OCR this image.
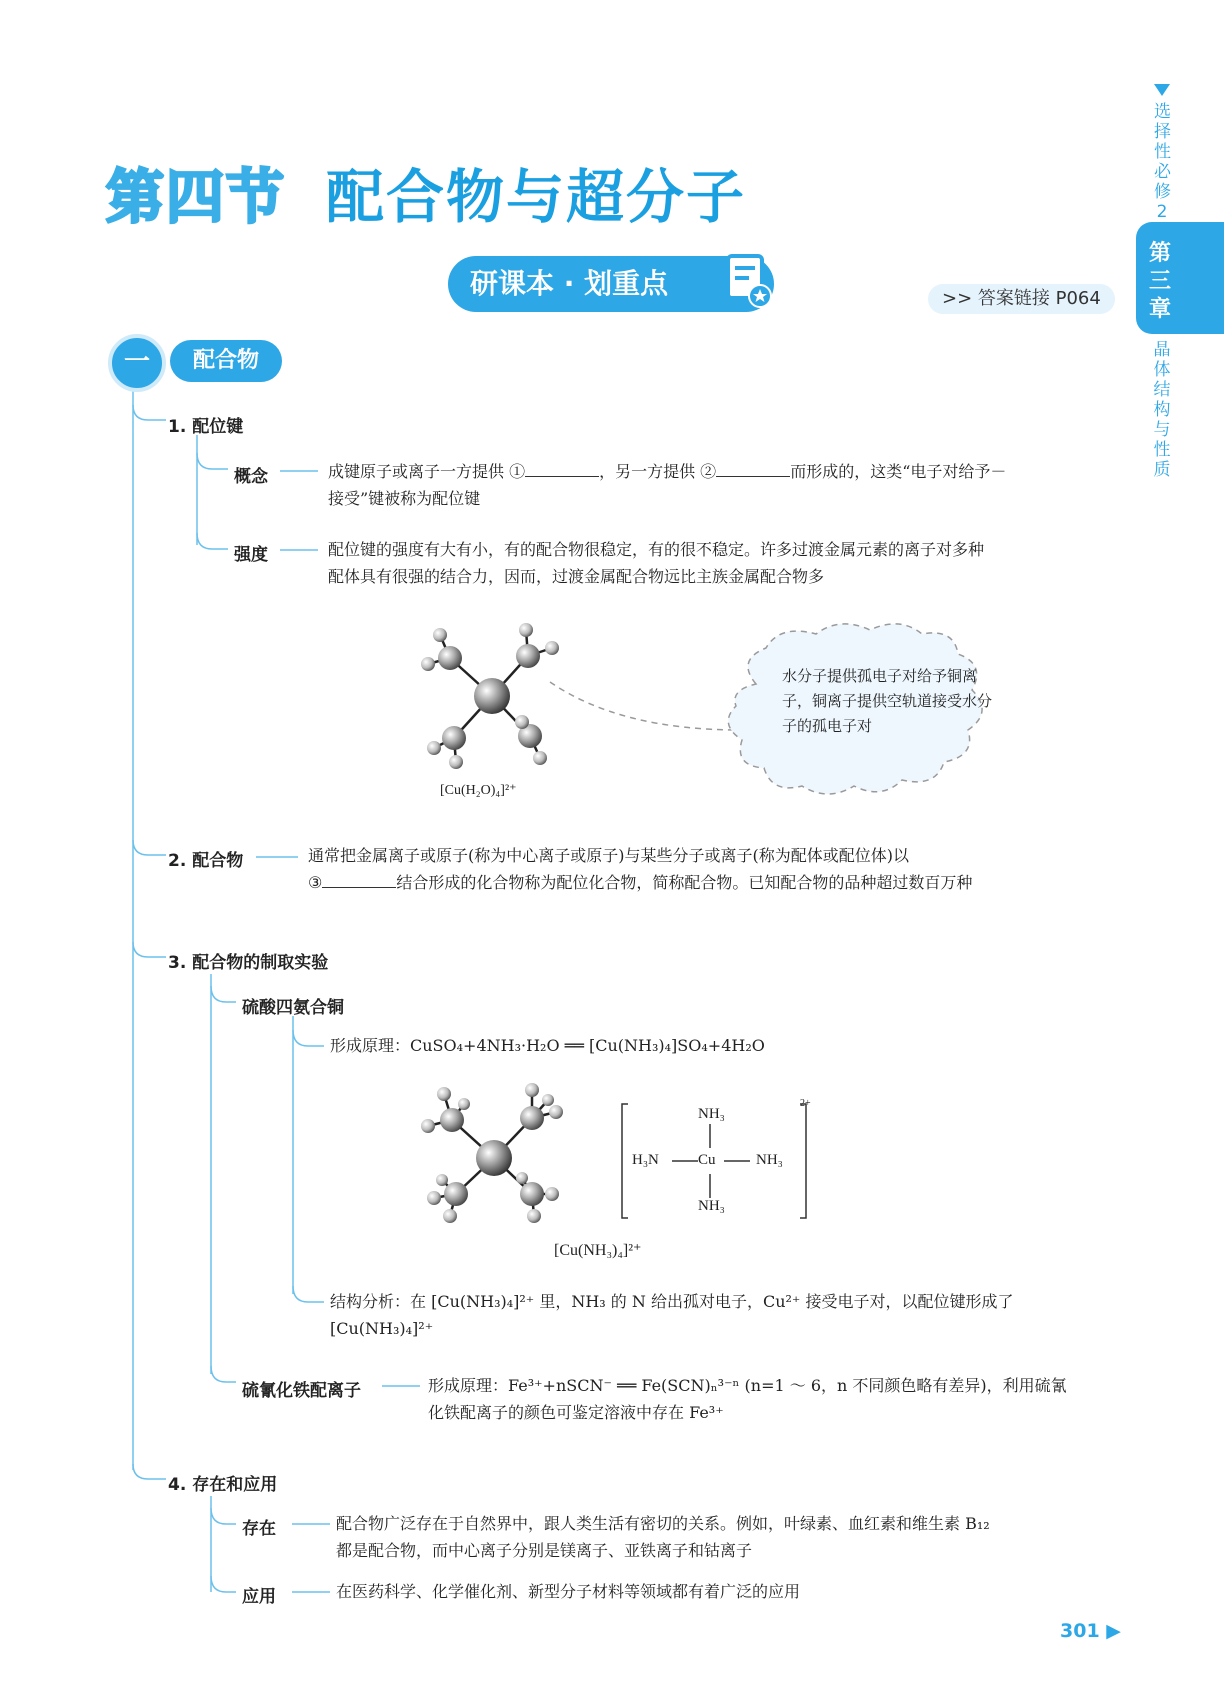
第四节 配合物与超分子
研课本 · 划重点	>> 答案链接 P064
选择性必修2
第三章
晶体结构与性质
一	配合物
1. 配位键
概念	成键原子或离子一方提供 ①	，另一方提供 ②	而形成的，这类“电子对给予－
接受”键被称为配位键
强度	配位键的强度有大有小，有的配合物很稳定，有的很不稳定。许多过渡金属元素的离子对多种
配体具有很强的结合力，因而，过渡金属配合物远比主族金属配合物多
[Cu(H₂O)₄]²⁺
水分子提供孤电子对给予铜离子，铜离子提供空轨道接受水分子的孤电子对
2. 配合物	通常把金属离子或原子(称为中心离子或原子)与某些分子或离子(称为配体或配位体)以
③	结合形成的化合物称为配位化合物，简称配合物。已知配合物的品种超过数百万种
3. 配合物的制取实验
硫酸四氨合铜
形成原理：CuSO₄+4NH₃·H₂O ══ [Cu(NH₃)₄]SO₄+4H₂O
[Cu(NH₃)₄]²⁺
NH₃
H₃N	Cu	NH₃
NH₃
2+
结构分析：在 [Cu(NH₃)₄]²⁺ 里，NH₃ 的 N 给出孤对电子，Cu²⁺ 接受电子对，以配位键形成了
[Cu(NH₃)₄]²⁺
硫氰化铁配离子	形成原理：Fe³⁺+nSCN⁻ ══ Fe(SCN)ₙ³⁻ⁿ (n=1 ～ 6，n 不同颜色略有差异)，利用硫氰
化铁配离子的颜色可鉴定溶液中存在 Fe³⁺
4. 存在和应用
存在	配合物广泛存在于自然界中，跟人类生活有密切的关系。例如，叶绿素、血红素和维生素 B₁₂
都是配合物，而中心离子分别是镁离子、亚铁离子和钴离子
应用	在医药科学、化学催化剂、新型分子材料等领域都有着广泛的应用
301 ▶
